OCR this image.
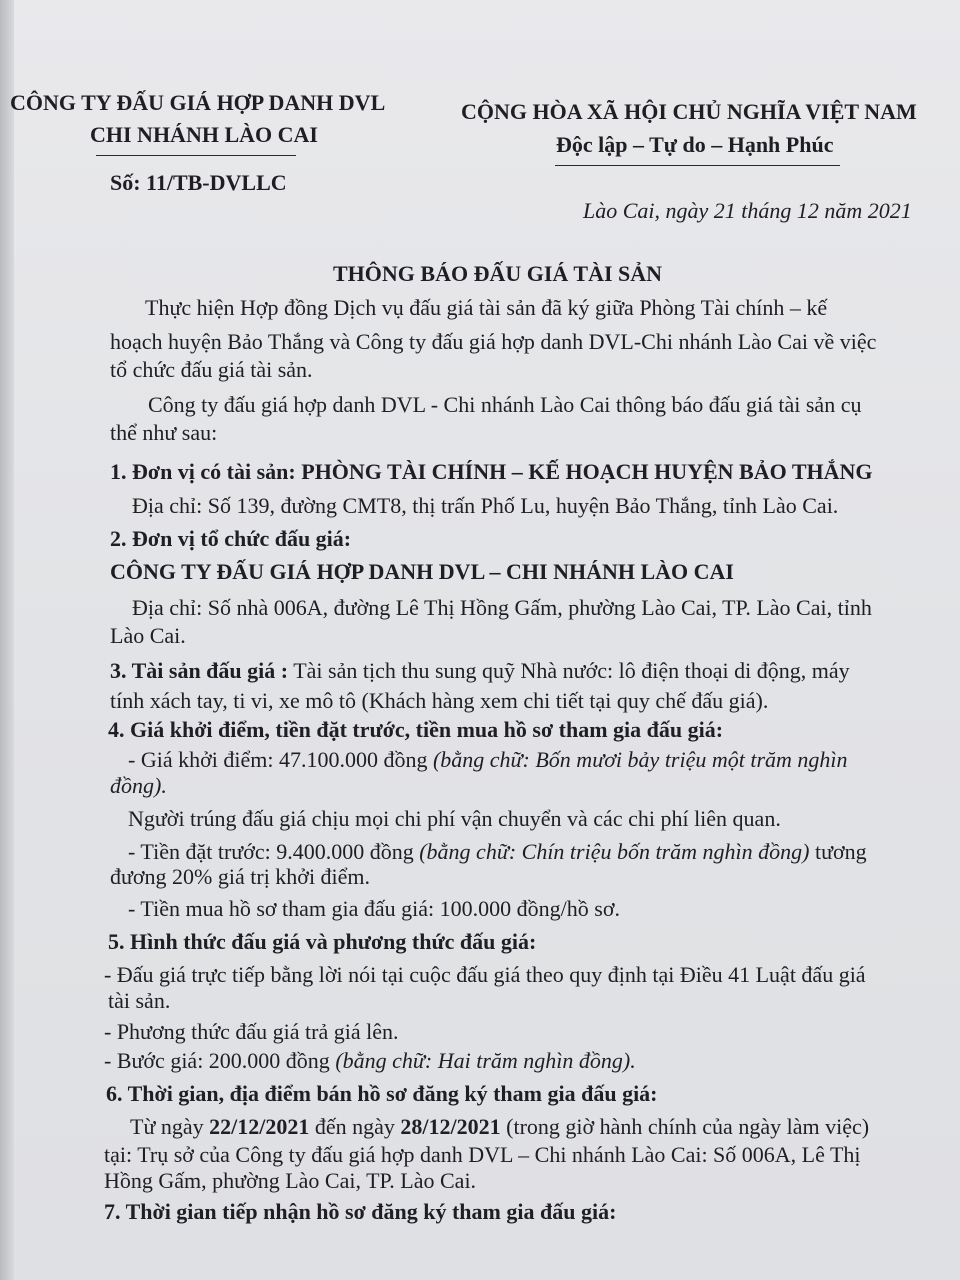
CÔNG TY ĐẤU GIÁ HỢP DANH DVL
CHI NHÁNH LÀO CAI
Số: 11/TB-DVLLC
CỘNG HÒA XÃ HỘI CHỦ NGHĨA VIỆT NAM
Độc lập – Tự do – Hạnh Phúc
Lào Cai, ngày 21 tháng 12 năm 2021
THÔNG BÁO ĐẤU GIÁ TÀI SẢN
Thực hiện Hợp đồng Dịch vụ đấu giá tài sản đã ký giữa Phòng Tài chính – kế
hoạch huyện Bảo Thắng và Công ty đấu giá hợp danh DVL-Chi nhánh Lào Cai về việc
tổ chức đấu giá tài sản.
Công ty đấu giá hợp danh DVL - Chi nhánh Lào Cai thông báo đấu giá tài sản cụ
thể như sau:
1. Đơn vị có tài sản: PHÒNG TÀI CHÍNH – KẾ HOẠCH HUYỆN BẢO THẮNG
Địa chỉ: Số 139, đường CMT8, thị trấn Phố Lu, huyện Bảo Thắng, tỉnh Lào Cai.
2. Đơn vị tổ chức đấu giá:
CÔNG TY ĐẤU GIÁ HỢP DANH DVL – CHI NHÁNH LÀO CAI
Địa chỉ: Số nhà 006A, đường Lê Thị Hồng Gấm, phường Lào Cai, TP. Lào Cai, tỉnh
Lào Cai.
3. Tài sản đấu giá : Tài sản tịch thu sung quỹ Nhà nước: lô điện thoại di động, máy
tính xách tay, ti vi, xe mô tô (Khách hàng xem chi tiết tại quy chế đấu giá).
4. Giá khởi điểm, tiền đặt trước, tiền mua hồ sơ tham gia đấu giá:
- Giá khởi điểm: 47.100.000 đồng (bằng chữ: Bốn mươi bảy triệu một trăm nghìn
đồng).
Người trúng đấu giá chịu mọi chi phí vận chuyển và các chi phí liên quan.
- Tiền đặt trước: 9.400.000 đồng (bằng chữ: Chín triệu bốn trăm nghìn đồng) tương
đương 20% giá trị khởi điểm.
- Tiền mua hồ sơ tham gia đấu giá: 100.000 đồng/hồ sơ.
5. Hình thức đấu giá và phương thức đấu giá:
- Đấu giá trực tiếp bằng lời nói tại cuộc đấu giá theo quy định tại Điều 41 Luật đấu giá
tài sản.
- Phương thức đấu giá trả giá lên.
- Bước giá: 200.000 đồng (bằng chữ: Hai trăm nghìn đồng).
6. Thời gian, địa điểm bán hồ sơ đăng ký tham gia đấu giá:
Từ ngày 22/12/2021 đến ngày 28/12/2021 (trong giờ hành chính của ngày làm việc)
tại: Trụ sở của Công ty đấu giá hợp danh DVL – Chi nhánh Lào Cai: Số 006A, Lê Thị
Hồng Gấm, phường Lào Cai, TP. Lào Cai.
7. Thời gian tiếp nhận hồ sơ đăng ký tham gia đấu giá:
